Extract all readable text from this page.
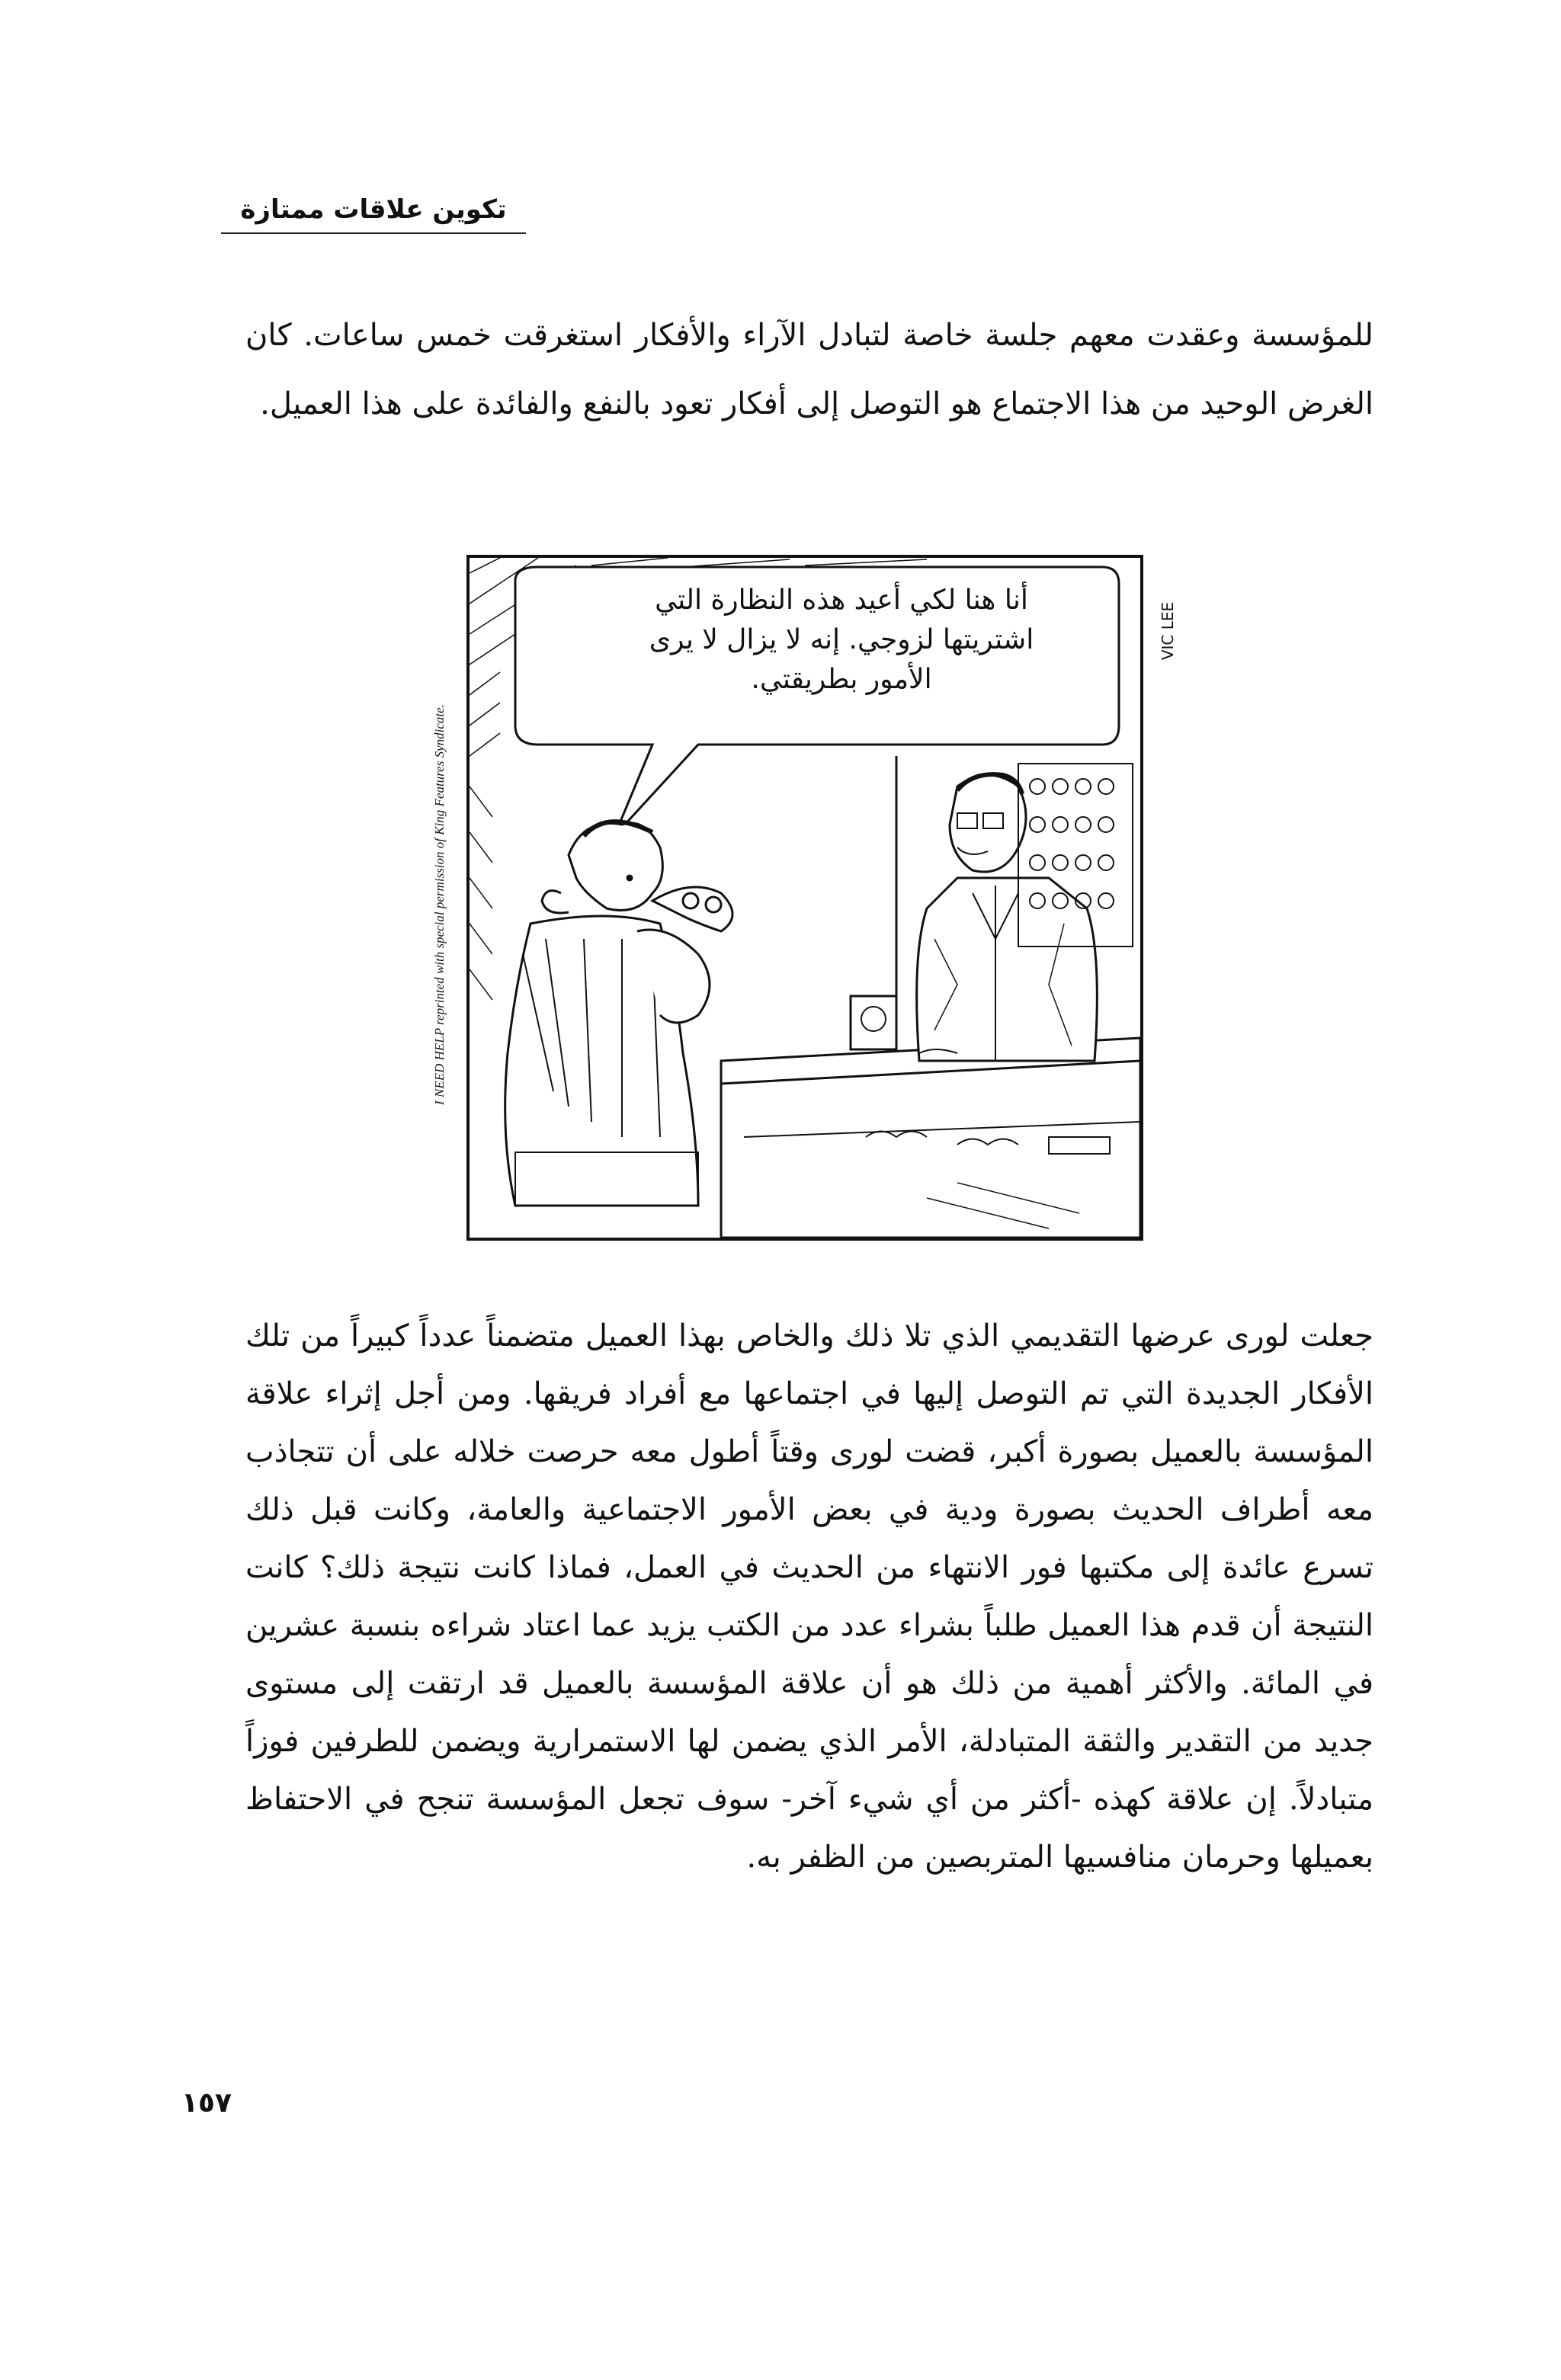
تكوين علاقات ممتازة

للمؤسسة وعقدت معهم جلسة خاصة لتبادل الآراء والأفكار استغرقت خمس ساعات. كان الغرض الوحيد من هذا الاجتماع هو التوصل إلى أفكار تعود بالنفع والفائدة على هذا العميل.

I NEED HELP reprinted with special permission of King Features Syndicate.
أنا هنا لكي أعيد هذه النظارة التي
اشتريتها لزوجي. إنه لا يزال لا يرى
الأمور بطريقتي.
VIC LEE

جعلت لورى عرضها التقديمي الذي تلا ذلك والخاص بهذا العميل متضمناً عدداً كبيراً من تلك الأفكار الجديدة التي تم التوصل إليها في اجتماعها مع أفراد فريقها. ومن أجل إثراء علاقة المؤسسة بالعميل بصورة أكبر، قضت لورى وقتاً أطول معه حرصت خلاله على أن تتجاذب معه أطراف الحديث بصورة ودية في بعض الأمور الاجتماعية والعامة، وكانت قبل ذلك تسرع عائدة إلى مكتبها فور الانتهاء من الحديث في العمل، فماذا كانت نتيجة ذلك؟ كانت النتيجة أن قدم هذا العميل طلباً بشراء عدد من الكتب يزيد عما اعتاد شراءه بنسبة عشرين في المائة. والأكثر أهمية من ذلك هو أن علاقة المؤسسة بالعميل قد ارتقت إلى مستوى جديد من التقدير والثقة المتبادلة، الأمر الذي يضمن لها الاستمرارية ويضمن للطرفين فوزاً متبادلاً. إن علاقة كهذه -أكثر من أي شيء آخر- سوف تجعل المؤسسة تنجح في الاحتفاظ بعميلها وحرمان منافسيها المتربصين من الظفر به.

١٥٧
